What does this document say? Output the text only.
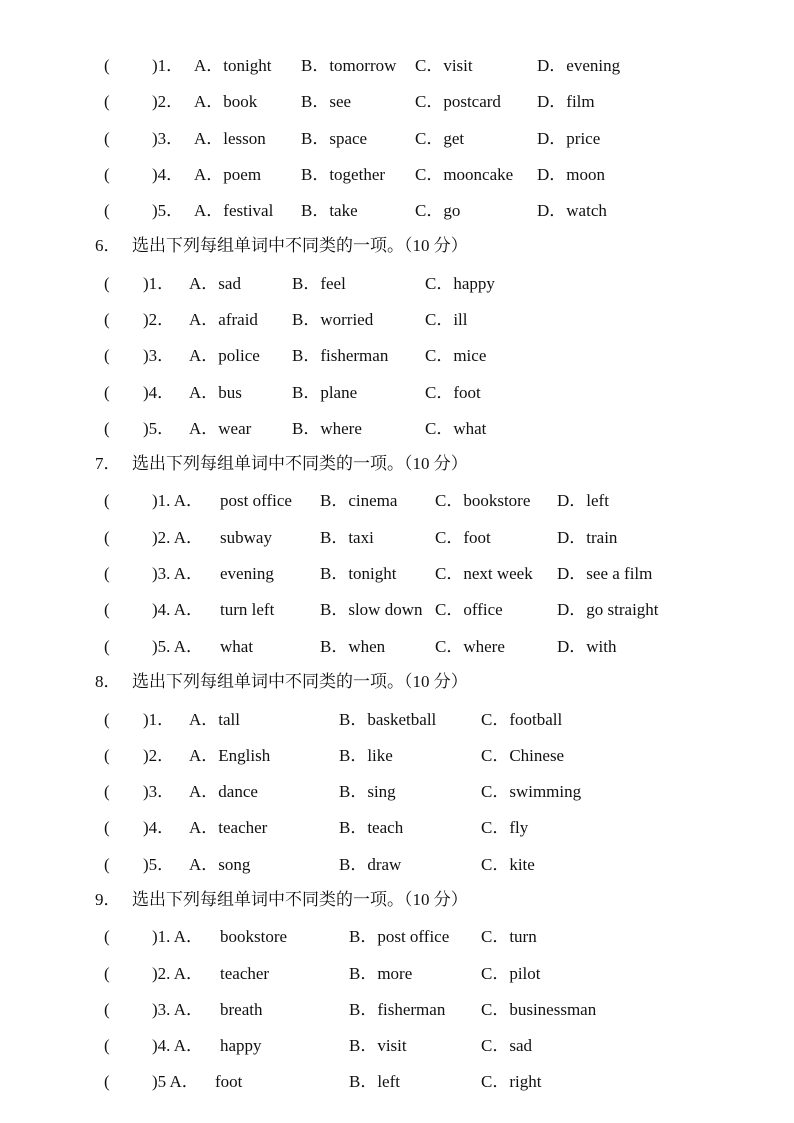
( )1． A．tonight B．tomorrow C．visit	D．evening
( )2． A．book	B．see	C．postcard D．film
( )3． A．lesson B．space	C．get	D．price
( )4． A．poem B．together C．mooncake D．moon
( )5． A．festival B．take	C．go	D．watch
6． 选出下列每组单词中不同类的一项。（10 分）
( )1． A．sad	B．feel	C．happy
( )2． A．afraid B．worried	C．ill
( )3． A．police B．fisherman C．mice
( )4． A．bus	B．plane	C．foot
( )5． A．wear B．where	C．what
7． 选出下列每组单词中不同类的一项。（10 分）
( )1. A． post office B．cinema C．bookstore D．left
( )2. A． subway	B．taxi	C．foot	D．train
( )3. A． evening	B．tonight C．next week D．see a film
( )4. A． turn left	B．slow down C．office	D．go straight
( )5. A． what	B．when	C．where	D．with
8． 选出下列每组单词中不同类的一项。（10 分）
( )1． A．tall	B．basketball	C．football
( )2． A．English	B．like	C．Chinese
( )3． A．dance	B．sing	C．swimming
( )4． A．teacher	B．teach	C．fly
( )5． A．song	B．draw	C．kite
9． 选出下列每组单词中不同类的一项。（10 分）
( )1. A． bookstore	B．post office C．turn
( )2. A． teacher	B．more	C．pilot
( )3. A． breath	B．fisherman C．businessman
( )4. A． happy	B．visit	C．sad
( )5 A． foot	B．left	C．right
